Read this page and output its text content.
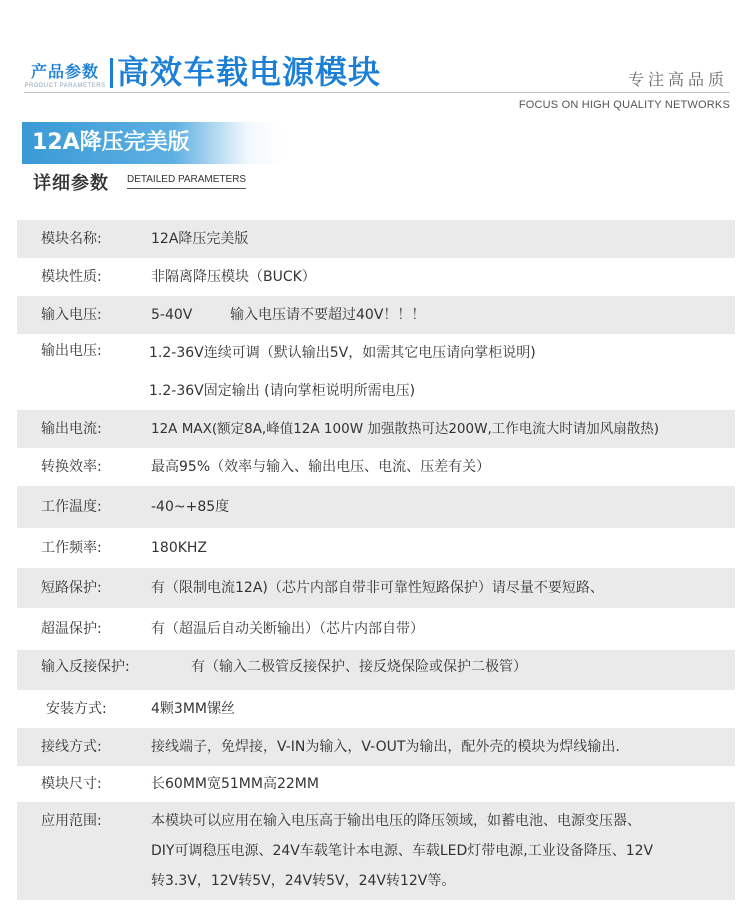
产品参数
PRODUCT PARAMETERS 高效车载电源模块	专注高品质
FOCUS ON HIGH QUALITY NETWORKS
12A降压完美版
详细参数 DETAILED PARAMETERS
模块名称:	12A降压完美版
模块性质:	非隔离降压模块（BUCK）
输入电压:	5-40V	输入电压请不要超过40V！！！
输出电压:	1.2-36V连续可调（默认输出5V，如需其它电压请向掌柜说明)
1.2-36V固定输出 (请向掌柜说明所需电压)
输出电流:	12A MAX(额定8A,峰值12A 100W 加强散热可达200W,工作电流大时请加风扇散热)
转换效率:	最高95%（效率与输入、输出电压、电流、压差有关）
工作温度:	-40~+85度
工作频率:	180KHZ
短路保护:	有（限制电流12A)（芯片内部自带非可靠性短路保护）请尽量不要短路、
超温保护:	有（超温后自动关断输出）（芯片内部自带）
输入反接保护:	有（输入二极管反接保护、接反烧保险或保护二极管）
安装方式:	4颗3MM镙丝
接线方式:	接线端子，免焊接，V-IN为输入，V-OUT为输出，配外壳的模块为焊线输出.
模块尺寸:	长60MM宽51MM高22MM
应用范围:	本模块可以应用在输入电压高于输出电压的降压领域，如蓄电池、电源变压器、
DIY可调稳压电源、24V车载笔计本电源、车载LED灯带电源,工业设备降压、12V
转3.3V，12V转5V，24V转5V，24V转12V等。
